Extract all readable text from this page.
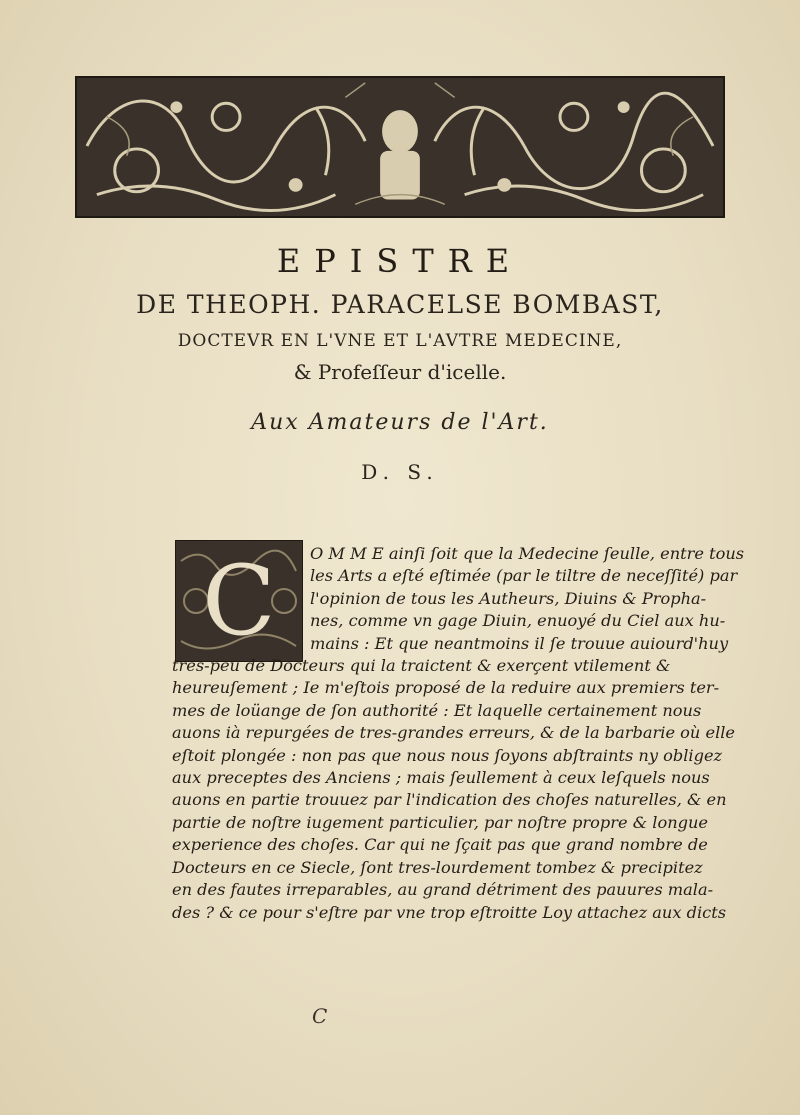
EPISTRE
DE THEOPH. PARACELSE BOMBAST,
DOCTEVR EN L'VNE ET L'AVTRE MEDECINE,
& Profeſſeur d'icelle.
Aux Amateurs de l'Art.
D. S.
C	O M M E ainſi ſoit que la Medecine ſeulle, entre tous
les Arts a eſté eſtimée (par le tiltre de neceſſité) par
l'opinion de tous les Autheurs, Diuins & Propha-
nes, comme vn gage Diuin, enuoyé du Ciel aux hu-
mains : Et que neantmoins il ſe trouue auiourd'huy
tres-peu de Docteurs qui la traictent & exerçent vtilement &
heureuſement ; Ie m'eſtois proposé de la reduire aux premiers ter-
mes de loüange de ſon authorité : Et laquelle certainement nous
auons ià repurgées de tres-grandes erreurs, & de la barbarie où elle
eſtoit plongée : non pas que nous nous ſoyons abſtraints ny obligez
aux preceptes des Anciens ; mais ſeullement à ceux leſquels nous
auons en partie trouuez par l'indication des choſes naturelles, & en
partie de noſtre iugement particulier, par noſtre propre & longue
experience des choſes. Car qui ne ſçait pas que grand nombre de
Docteurs en ce Siecle, ſont tres-lourdement tombez & precipitez
en des fautes irreparables, au grand détriment des pauures mala-
des ? & ce pour s'eſtre par vne trop eſtroitte Loy attachez aux dicts
C
